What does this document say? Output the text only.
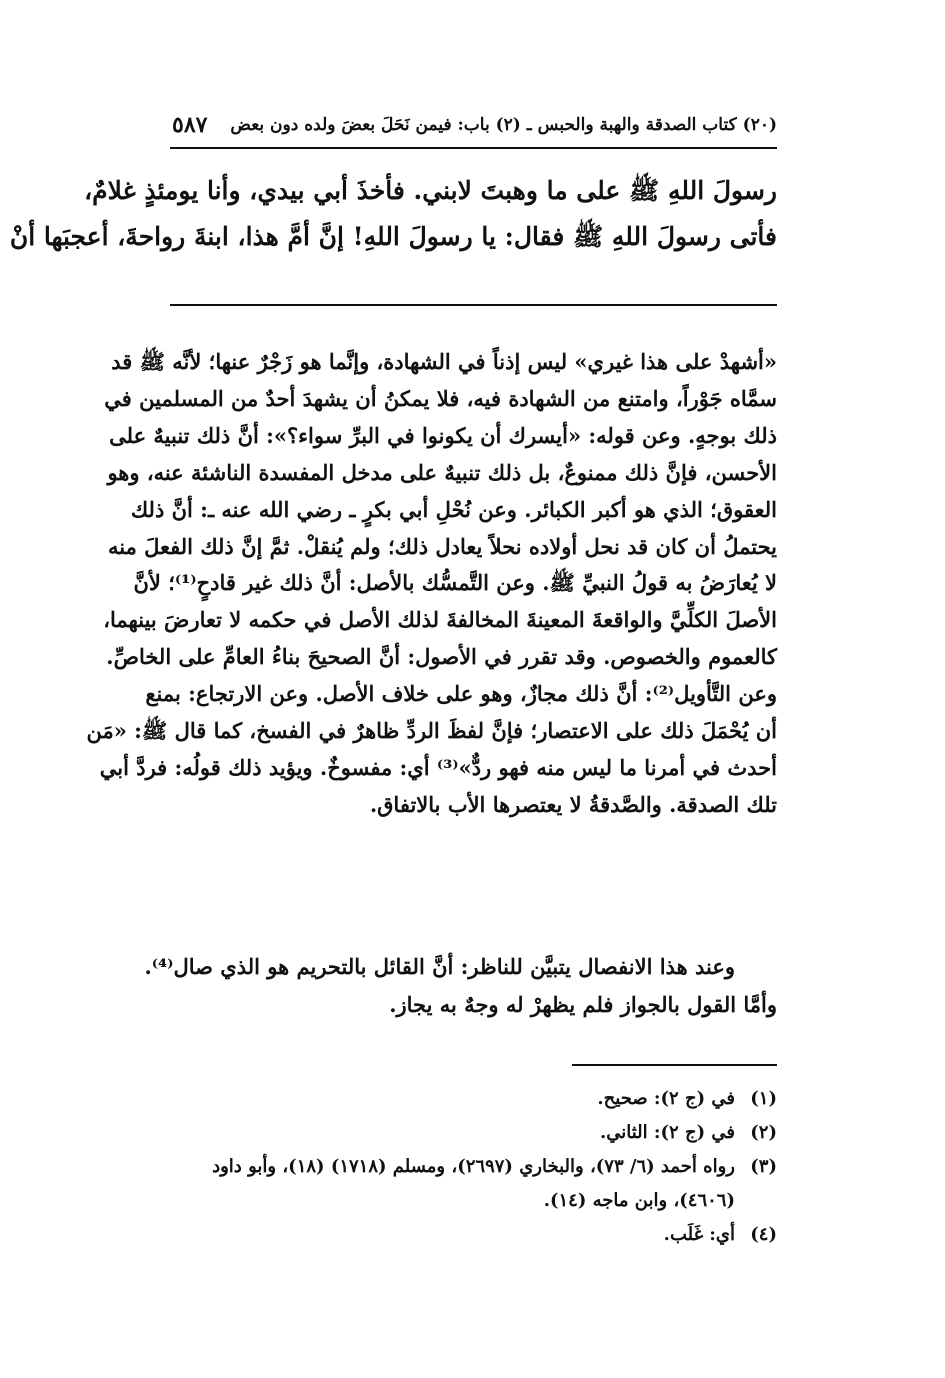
(٢٠) كتاب الصدقة والهبة والحبس ـ (٢) باب: فيمن نَحَلَ بعضَ ولده دون بعض
٥٨٧
رسولَ اللهِ ﷺ على ما وهبتَ لابني. فأخذَ أبي بيدي، وأنا يومئذٍ غلامٌ،
فأتى رسولَ اللهِ ﷺ فقال: يا رسولَ اللهِ! إنَّ أمَّ هذا، ابنةَ رواحةَ، أعجبَها أنْ
«أشهدْ على هذا غيري» ليس إذناً في الشهادة، وإنَّما هو زَجْرٌ عنها؛ لأنَّه ﷺ قد
سمَّاه جَوْراً، وامتنع من الشهادة فيه، فلا يمكنُ أن يشهدَ أحدٌ من المسلمين في
ذلك بوجهٍ. وعن قوله: «أيسرك أن يكونوا في البرِّ سواء؟»: أنَّ ذلك تنبيهٌ على
الأحسن، فإنَّ ذلك ممنوعٌ، بل ذلك تنبيهٌ على مدخل المفسدة الناشئة عنه، وهو
العقوق؛ الذي هو أكبر الكبائر. وعن نُحْلِ أبي بكرٍ ـ رضي الله عنه ـ: أنَّ ذلك
يحتملُ أن كان قد نحل أولاده نحلاً يعادل ذلك؛ ولم يُنقلْ. ثمَّ إنَّ ذلك الفعلَ منه
لا يُعارَضُ به قولُ النبيِّ ﷺ. وعن التَّمسُّك بالأصل: أنَّ ذلك غير قادحٍ⁽¹⁾؛ لأنَّ
الأصلَ الكلِّيَّ والواقعةَ المعينةَ المخالفةَ لذلك الأصل في حكمه لا تعارضَ بينهما،
كالعموم والخصوص. وقد تقرر في الأصول: أنَّ الصحيحَ بناءُ العامِّ على الخاصِّ.
وعن التَّأويل⁽²⁾: أنَّ ذلك مجازٌ، وهو على خلاف الأصل. وعن الارتجاع: بمنع
أن يُحْمَلَ ذلك على الاعتصار؛ فإنَّ لفظَ الردِّ ظاهرٌ في الفسخ، كما قال ﷺ: «مَن
أحدث في أمرنا ما ليس منه فهو ردٌّ»⁽³⁾ أي: مفسوخٌ. ويؤيد ذلك قولُه: فردَّ أبي
تلك الصدقة. والصَّدقةُ لا يعتصرها الأب بالاتفاق.
وعند هذا الانفصال يتبيَّن للناظر: أنَّ القائل بالتحريم هو الذي صال⁽⁴⁾.
وأمَّا القول بالجواز فلم يظهرْ له وجهٌ به يجاز.
(١)في (ج ٢): صحيح.
(٢)في (ج ٢): الثاني.
(٣)رواه أحمد (٦/ ٧٣)، والبخاري (٢٦٩٧)، ومسلم (١٧١٨) (١٨)، وأبو داود
(٤٦٠٦)، وابن ماجه (١٤).
(٤)أي: غَلَب.
